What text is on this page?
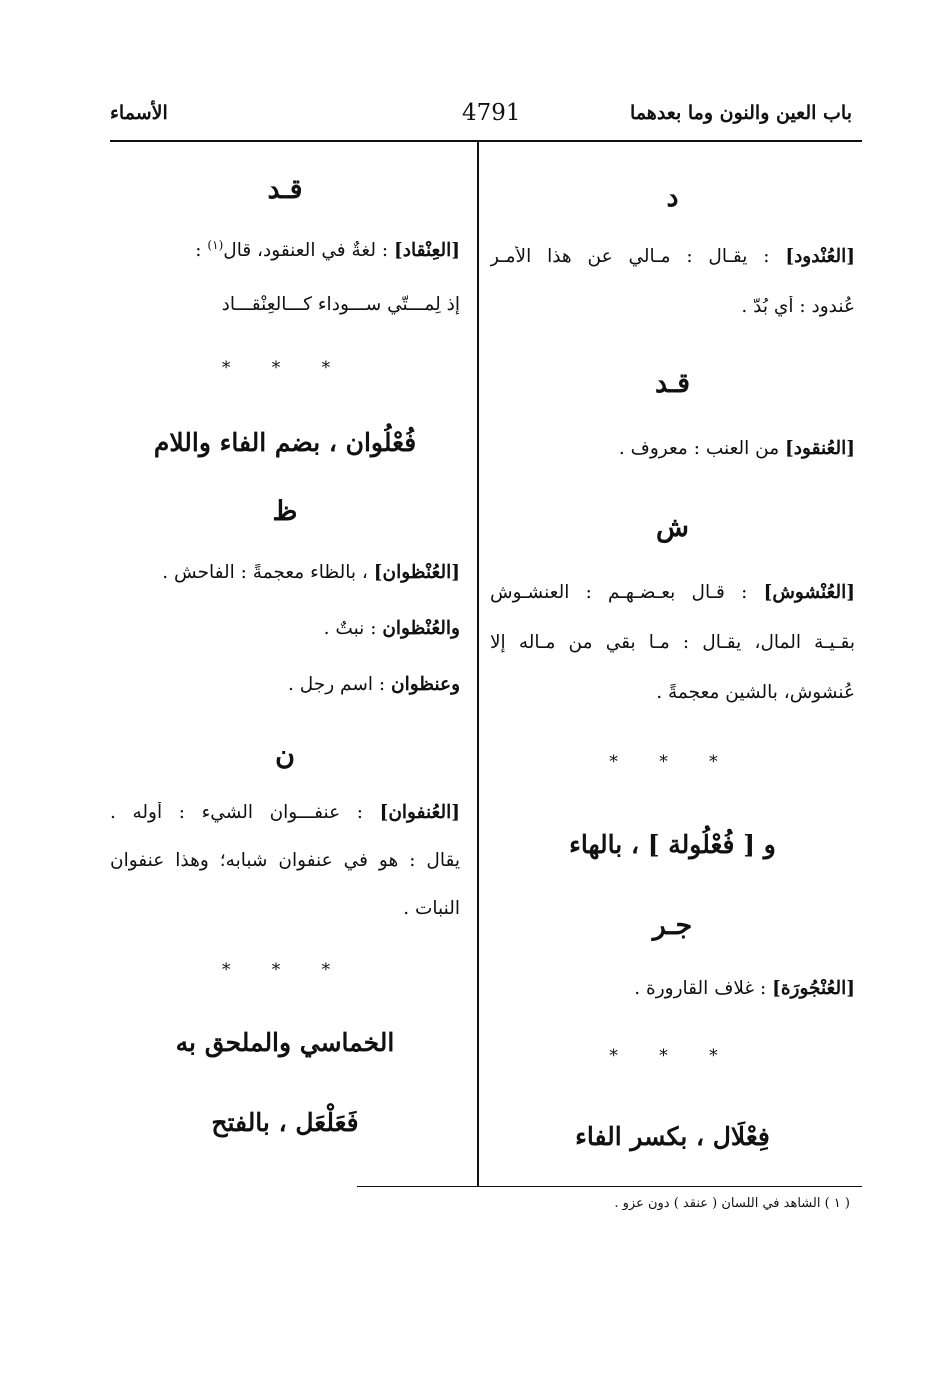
باب العين والنون وما بعدهما
4791
الأسماء
د
[العُنْدود] : يقـال : مـالي عن هذا الأمـر
عُندود : أي بُدّ .
قـد
[العُنقود] من العنب : معروف .
ش
[العُنْشوش] : قـال بعـضـهـم : العنشـوش
بقـيـة المال، يقـال : مـا بقي من مـاله إلا
عُنشوش، بالشين معجمةً .
* * *
و [ فُعْلُولة ] ، بالهاء
جـر
[العُنْجُورَة] : غلاف القارورة .
* * *
فِعْلَال ، بكسر الفاء
قـد
[العِنْقاد] : لغةٌ في العنقود، قال$^{(١)}$ :
إذ لِمـــتّي ســـوداء كـــالعِنْقـــاد
* * *
فُعْلُوان ، بضم الفاء واللام
ظ
[العُنْظوان] ، بالظاء معجمةً : الفاحش .
والعُنْظوان : نبتٌ .
وعنظوان : اسم رجل .
ن
[العُنفوان] : عنفـــوان الشيء : أوله .
يقال : هو في عنفوان شبابه؛ وهذا عنفوان
النبات .
* * *
الخماسي والملحق به
فَعَلْعَل ، بالفتح
( ١ ) الشاهد في اللسان ( عنقد ) دون عزو .
